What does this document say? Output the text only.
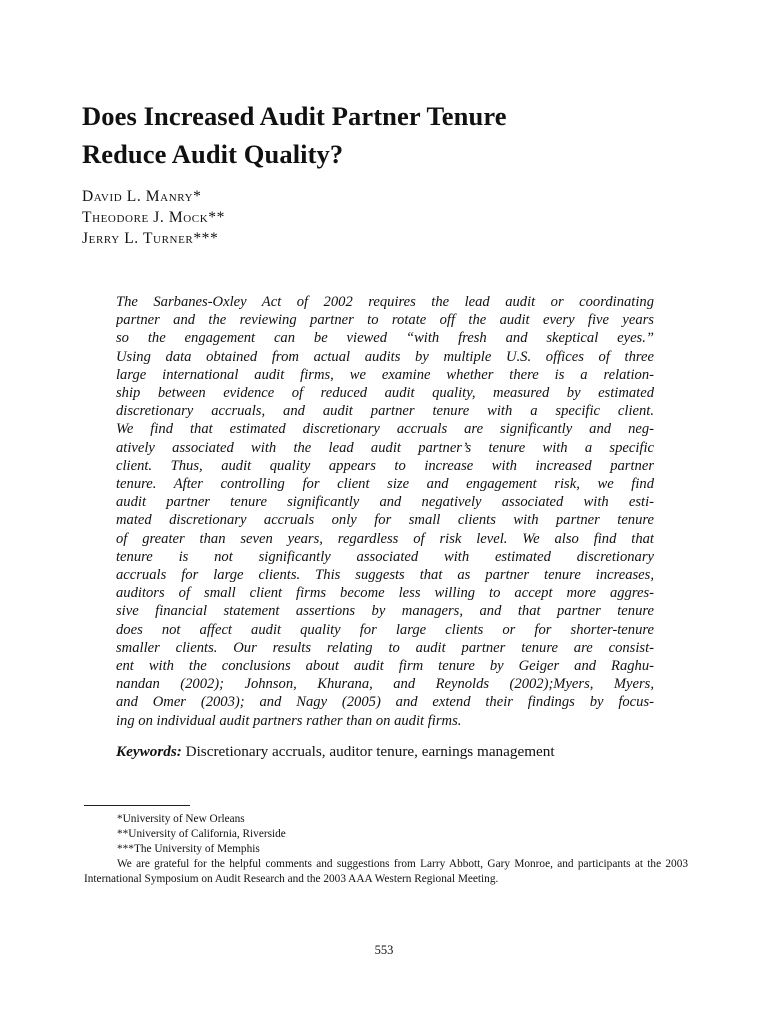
Does Increased Audit Partner Tenure
Reduce Audit Quality?
David L. Manry*
Theodore J. Mock**
Jerry L. Turner***

The Sarbanes-Oxley Act of 2002 requires the lead audit or coordinating
partner and the reviewing partner to rotate off the audit every five years
so the engagement can be viewed “with fresh and skeptical eyes.”
Using data obtained from actual audits by multiple U.S. offices of three
large international audit firms, we examine whether there is a relation-
ship between evidence of reduced audit quality, measured by estimated
discretionary accruals, and audit partner tenure with a specific client.
We find that estimated discretionary accruals are significantly and neg-
atively associated with the lead audit partner’s tenure with a specific
client. Thus, audit quality appears to increase with increased partner
tenure. After controlling for client size and engagement risk, we find
audit partner tenure significantly and negatively associated with esti-
mated discretionary accruals only for small clients with partner tenure
of greater than seven years, regardless of risk level. We also find that
tenure is not significantly associated with estimated discretionary
accruals for large clients. This suggests that as partner tenure increases,
auditors of small client firms become less willing to accept more aggres-
sive financial statement assertions by managers, and that partner tenure
does not affect audit quality for large clients or for shorter-tenure
smaller clients. Our results relating to audit partner tenure are consist-
ent with the conclusions about audit firm tenure by Geiger and Raghu-
nandan (2002); Johnson, Khurana, and Reynolds (2002);Myers, Myers,
and Omer (2003); and Nagy (2005) and extend their findings by focus-
ing on individual audit partners rather than on audit firms.

Keywords: Discretionary accruals, auditor tenure, earnings management
*University of New Orleans
**University of California, Riverside
***The University of Memphis
We are grateful for the helpful comments and suggestions from Larry Abbott, Gary Monroe, and participants at the 2003 International Symposium on Audit Research and the 2003 AAA Western Regional Meeting.
553
